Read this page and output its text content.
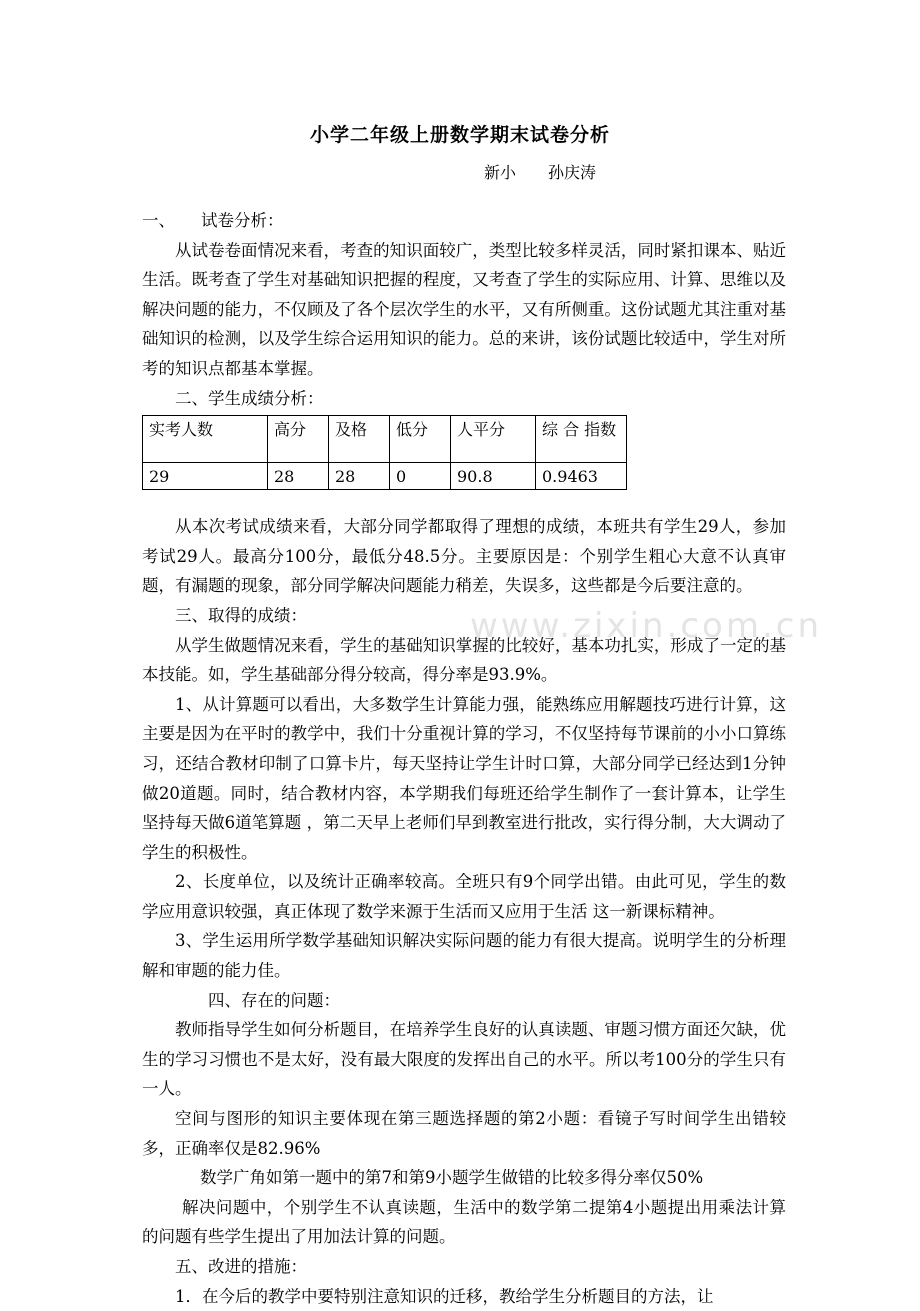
www.zixin.com.cn
小学二年级上册数学期末试卷分析
新小　　孙庆涛

一、 试卷分析：

从试卷卷面情况来看，考查的知识面较广，类型比较多样灵活，同时紧扣课本、贴近生活。既考查了学生对基础知识把握的程度，又考查了学生的实际应用、计算、思维以及解决问题的能力，不仅顾及了各个层次学生的水平，又有所侧重。这份试题尤其注重对基础知识的检测，以及学生综合运用知识的能力。总的来讲，该份试题比较适中，学生对所考的知识点都基本掌握。

二、学生成绩分析：

实考人数	高分	及格	低分	人平分	综 合 指数
29	28	28	0	90.8	0.9463

从本次考试成绩来看，大部分同学都取得了理想的成绩，本班共有学生29人，参加考试29人。最高分100分，最低分48.5分。主要原因是：个别学生粗心大意不认真审题，有漏题的现象，部分同学解决问题能力稍差，失误多，这些都是今后要注意的。

三、取得的成绩：

从学生做题情况来看，学生的基础知识掌握的比较好，基本功扎实，形成了一定的基本技能。如，学生基础部分得分较高，得分率是93.9%。

1、从计算题可以看出，大多数学生计算能力强，能熟练应用解题技巧进行计算，这主要是因为在平时的教学中，我们十分重视计算的学习，不仅坚持每节课前的小小口算练习，还结合教材印制了口算卡片，每天坚持让学生计时口算，大部分同学已经达到1分钟做20道题。同时，结合教材内容，本学期我们每班还给学生制作了一套计算本，让学生坚持每天做6道笔算题 ，第二天早上老师们早到教室进行批改，实行得分制，大大调动了学生的积极性。

2、长度单位，以及统计正确率较高。全班只有9个同学出错。由此可见，学生的数学应用意识较强，真正体现了数学来源于生活而又应用于生活 这一新课标精神。

3、学生运用所学数学基础知识解决实际问题的能力有很大提高。说明学生的分析理解和审题的能力佳。

四、存在的问题：

教师指导学生如何分析题目，在培养学生良好的认真读题、审题习惯方面还欠缺，优生的学习习惯也不是太好，没有最大限度的发挥出自己的水平。所以考100分的学生只有一人。

空间与图形的知识主要体现在第三题选择题的第2小题：看镜子写时间学生出错较多，正确率仅是82.96%

数学广角如第一题中的第7和第9小题学生做错的比较多得分率仅50%

解决问题中，个别学生不认真读题，生活中的数学第二提第4小题提出用乘法计算的问题有些学生提出了用加法计算的问题。

五、改进的措施：

1．在今后的教学中要特别注意知识的迁移，教给学生分析题目的方法，让
